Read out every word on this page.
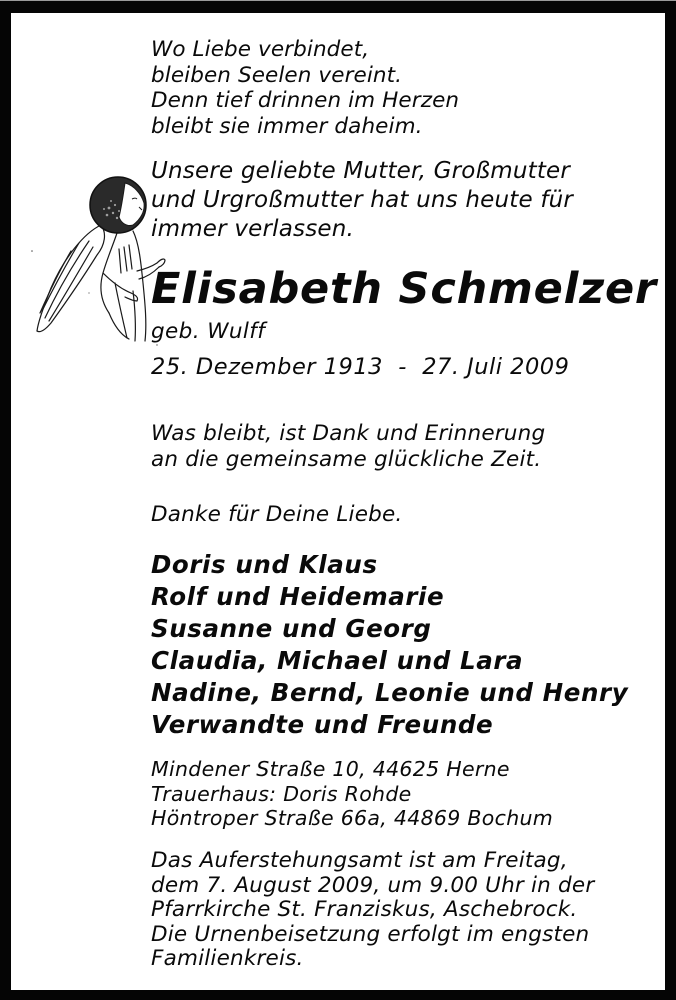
Wo Liebe verbindet,
bleiben Seelen vereint.
Denn tief drinnen im Herzen
bleibt sie immer daheim.

Unsere geliebte Mutter, Großmutter
und Urgroßmutter hat uns heute für
immer verlassen.

Elisabeth Schmelzer

geb. Wulff

25. Dezember 1913  -  27. Juli 2009

Was bleibt, ist Dank und Erinnerung
an die gemeinsame glückliche Zeit.

Danke für Deine Liebe.

Doris und Klaus
Rolf und Heidemarie
Susanne und Georg
Claudia, Michael und Lara
Nadine, Bernd, Leonie und Henry
Verwandte und Freunde

Mindener Straße 10, 44625 Herne
Trauerhaus: Doris Rohde
Höntroper Straße 66a, 44869 Bochum

Das Auferstehungsamt ist am Freitag,
dem 7. August 2009, um 9.00 Uhr in der
Pfarrkirche St. Franziskus, Aschebrock.
Die Urnenbeisetzung erfolgt im engsten
Familienkreis.
